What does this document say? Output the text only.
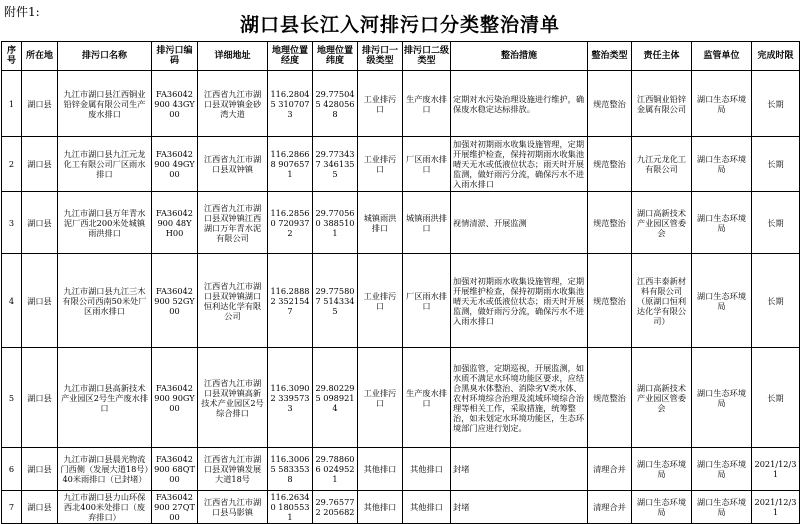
附件1:
湖口县长江入河排污口分类整治清单
序号	所在地	排污口名称	排污口编码	详细地址	地理位置经度	地理位置纬度	排污口一级类型	排污口二级类型	整治措施	整治类型	责任主体	监管单位	完成时限
1	湖口县	九江市湖口县江西铜业铅锌金属有限公司生产废水排口	FA36042900 43GY00	江西省九江市湖口县双钟镇金砂湾大道	116.28045 3107073	29.775045 4280568	工业排污口	生产废水排口	定期对水污染治理设施进行维护，确保废水稳定达标排放。	规范整治	江西铜业铅锌金属有限公司	湖口生态环境局	长期
2	湖口县	九江市湖口县九江元龙化工有限公司厂区雨水排口	FA36042900 49GY00	江西省九江市湖口县双钟镇	116.28668 9076571	29.773437 3461355	工业排污口	厂区雨水排口	加强对初期雨水收集设施管理，定期开展维护检查，保持初期雨水收集池晴天无水或低液位状态；雨天时开展监测，做好雨污分流，确保污水不进入雨水排口	规范整治	九江元龙化工有限公司	湖口生态环境局	长期
3	湖口县	九江市湖口县万年青水泥厂西北200米处城镇雨洪排口	FA36042900 48YH00	江西省九江市湖口县双钟镇江西湖口万年青水泥有限公司	116.28560 7209372	29.770560 3885101	城镇雨洪排口	城镇雨洪排口	视情清淤、开展监测	规范整治	湖口高新技术产业园区管委会	湖口生态环境局	长期
4	湖口县	九江市湖口县九江三木有限公司西南50米处厂区雨水排口	FA36042900 52GY00	江西省九江市湖口县双钟镇湖口恒利达化学有限公司	116.28882 3521547	29.775807 5143345	工业排污口	厂区雨水排口	加强对初期雨水收集设施管理，定期开展维护检查，保持初期雨水收集池晴天无水或低液位状态；雨天时开展监测，做好雨污分流，确保污水不进入雨水排口	规范整治	江西丰泰新材料有限公司（原湖口恒利达化学有限公司）	湖口生态环境局	长期
5	湖口县	九江市湖口县高新技术产业园区2号生产废水排口	FA36042900 90GY00	江西省九江市湖口县双钟镇高新技术产业园区2号综合排口	116.30902 3395733	29.802295 0989214	工业排污口	生产废水排口	加强监管，定期巡视，开展监测，如水质不满足水环境功能区要求，应结合黑臭水体整治、消除劣V类水体、农村环境综合治理及流域环境综合治理等相关工作，采取措施，统筹整治，如未划定水环境功能区，生态环境部门应进行划定。	规范整治	湖口高新技术产业园区管委会	湖口生态环境局	长期
6	湖口县	九江市湖口县晨光物流门西侧（发展大道18号）40米雨排口（已封堵）	FA36042900 68QT00	江西省九江市湖口县双钟镇发展大道18号	116.30065 5833538	29.788606 0249521	其他排口	其他排口	封堵	清理合并	湖口生态环境局	湖口生态环境局	2021/12/31
7	湖口县	九江市湖口县力山环保西北400米处排口（废弃排口）	FA36042900 27QT00	江西省九江市湖口县马影镇	116.26340 1805531	29.765772 205682	其他排口	其他排口	封堵	清理合并	湖口生态环境局	湖口生态环境局	2021/12/31
